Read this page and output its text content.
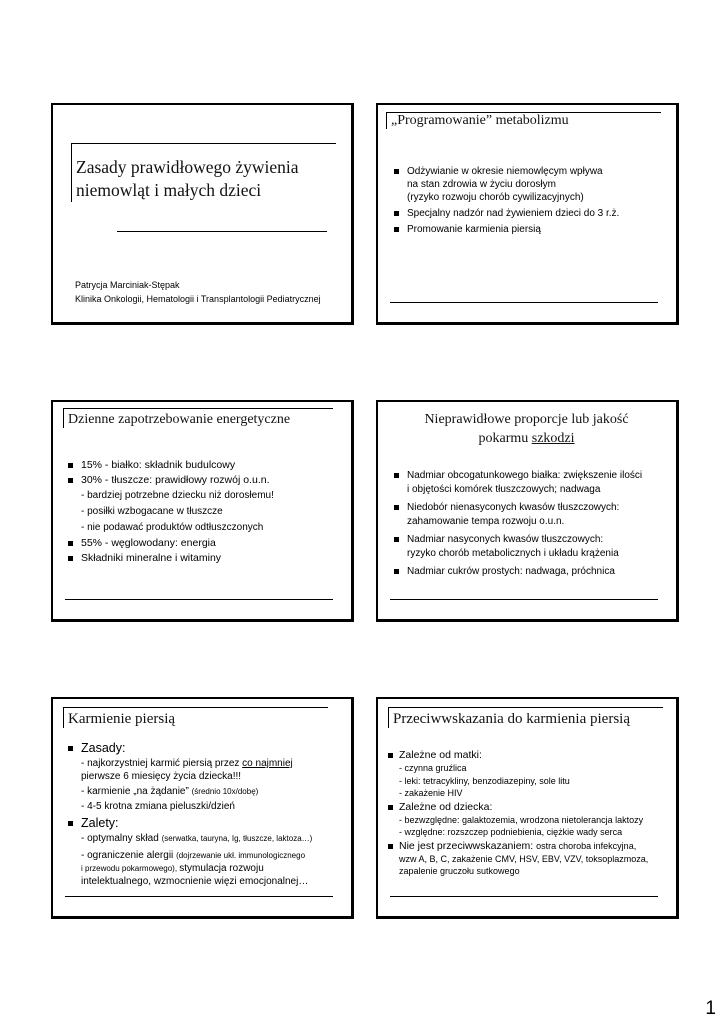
Zasady prawidłowego żywienia
niemowląt i małych dzieci
Patrycja Marciniak-Stępak
Klinika Onkologii, Hematologii i Transplantologii Pediatrycznej
„Programowanie” metabolizmu
Odżywianie w okresie niemowlęcym wpływa
na stan zdrowia w życiu dorosłym
(ryzyko rozwoju chorób cywilizacyjnych)
Specjalny nadzór nad żywieniem dzieci do 3 r.ż.
Promowanie karmienia piersią
Dzienne zapotrzebowanie energetyczne
15% - białko: składnik budulcowy
30% - tłuszcze: prawidłowy rozwój o.u.n.
- bardziej potrzebne dziecku niż dorosłemu!
- posiłki wzbogacane w tłuszcze
- nie podawać produktów odtłuszczonych
55% - węglowodany: energia
Składniki mineralne i witaminy
Nieprawidłowe proporcje lub jakość
pokarmu szkodzi
Nadmiar obcogatunkowego białka: zwiększenie ilości
i objętości komórek tłuszczowych; nadwaga
Niedobór nienasyconych kwasów tłuszczowych:
zahamowanie tempa rozwoju o.u.n.
Nadmiar nasyconych kwasów tłuszczowych:
ryzyko chorób metabolicznych i układu krążenia
Nadmiar cukrów prostych: nadwaga, próchnica
Karmienie piersią
Zasady:
- najkorzystniej karmić piersią przez co najmniej
pierwsze 6 miesięcy życia dziecka!!!
- karmienie „na żądanie” (średnio 10x/dobę)
- 4-5 krotna zmiana pieluszki/dzień
Zalety:
- optymalny skład (serwatka, tauryna, Ig, tłuszcze, laktoza…)
- ograniczenie alergii (dojrzewanie ukł. immunologicznego
i przewodu pokarmowego), stymulacja rozwoju
intelektualnego, wzmocnienie więzi emocjonalnej…
Przeciwwskazania do karmienia piersią
Zależne od matki:
- czynna gruźlica
- leki: tetracykliny, benzodiazepiny, sole litu
- zakażenie HIV
Zależne od dziecka:
- bezwzględne: galaktozemia, wrodzona nietolerancja laktozy
- względne: rozszczep podniebienia, ciężkie wady serca
Nie jest przeciwwskazaniem: ostra choroba infekcyjna,
wzw A, B, C, zakażenie CMV, HSV, EBV, VZV, toksoplazmoza,
zapalenie gruczołu sutkowego
1
